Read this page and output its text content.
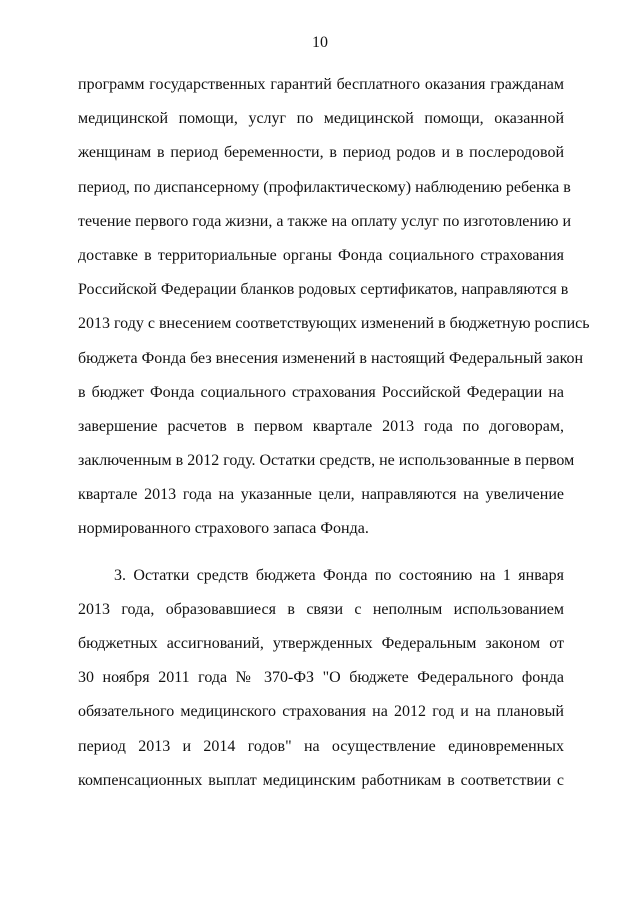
10
программ государственных гарантий бесплатного оказания гражданам
медицинской помощи, услуг по медицинской помощи, оказанной
женщинам в период беременности, в период родов и в послеродовой
период, по диспансерному (профилактическому) наблюдению ребенка в
течение первого года жизни, а также на оплату услуг по изготовлению и
доставке в территориальные органы Фонда социального страхования
Российской Федерации бланков родовых сертификатов, направляются в
2013 году с внесением соответствующих изменений в бюджетную роспись
бюджета Фонда без внесения изменений в настоящий Федеральный закон
в бюджет Фонда социального страхования Российской Федерации на
завершение расчетов в первом квартале 2013 года по договорам,
заключенным в 2012 году. Остатки средств, не использованные в первом
квартале 2013 года на указанные цели, направляются на увеличение
нормированного страхового запаса Фонда.
3. Остатки средств бюджета Фонда по состоянию на 1 января
2013 года, образовавшиеся в связи с неполным использованием
бюджетных ассигнований, утвержденных Федеральным законом от
30 ноября 2011 года № 370-ФЗ "О бюджете Федерального фонда
обязательного медицинского страхования на 2012 год и на плановый
период 2013 и 2014 годов" на осуществление единовременных
компенсационных выплат медицинским работникам в соответствии с
